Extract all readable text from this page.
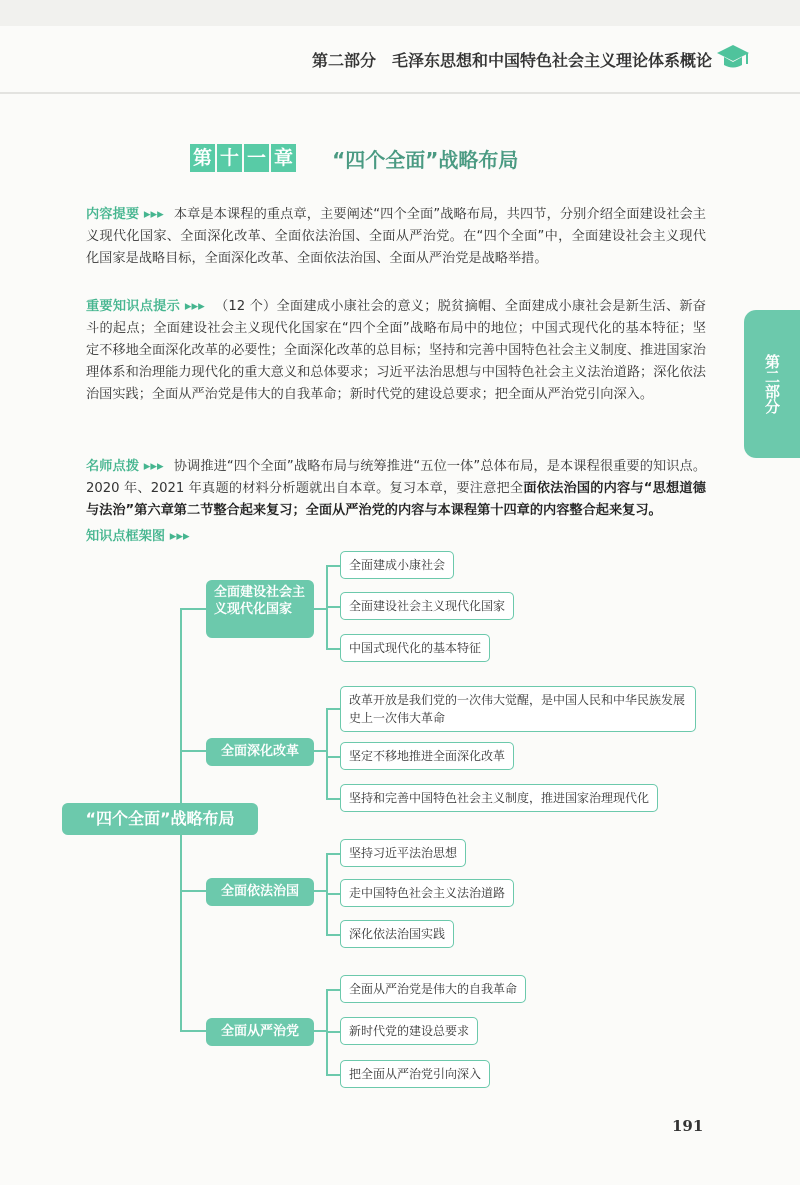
第二部分　毛泽东思想和中国特色社会主义理论体系概论
第 十 一 章 “四个全面”战略布局
内容提要 ▸▸▸ 本章是本课程的重点章，主要阐述“四个全面”战略布局，共四节，分别介绍全面建设社会主义现代化国家、全面深化改革、全面依法治国、全面从严治党。在“四个全面”中，全面建设社会主义现代化国家是战略目标，全面深化改革、全面依法治国、全面从严治党是战略举措。
重要知识点提示 ▸▸▸ （12 个）全面建成小康社会的意义；脱贫摘帽、全面建成小康社会是新生活、新奋斗的起点；全面建设社会主义现代化国家在“四个全面”战略布局中的地位；中国式现代化的基本特征；坚定不移地全面深化改革的必要性；全面深化改革的总目标；坚持和完善中国特色社会主义制度、推进国家治理体系和治理能力现代化的重大意义和总体要求；习近平法治思想与中国特色社会主义法治道路；深化依法治国实践；全面从严治党是伟大的自我革命；新时代党的建设总要求；把全面从严治党引向深入。
名师点拨 ▸▸▸ 协调推进“四个全面”战略布局与统筹推进“五位一体”总体布局，是本课程很重要的知识点。2020 年、2021 年真题的材料分析题就出自本章。复习本章，要注意把全面依法治国的内容与“思想道德与法治”第六章第二节整合起来复习；全面从严治党的内容与本课程第十四章的内容整合起来复习。
知识点框架图 ▸▸▸
第二部分
“四个全面”战略布局
全面建设社会主义现代化国家
全面建成小康社会
全面建设社会主义现代化国家
中国式现代化的基本特征
全面深化改革
改革开放是我们党的一次伟大觉醒，是中国人民和中华民族发展史上一次伟大革命
坚定不移地推进全面深化改革
坚持和完善中国特色社会主义制度，推进国家治理现代化
全面依法治国
坚持习近平法治思想
走中国特色社会主义法治道路
深化依法治国实践
全面从严治党
全面从严治党是伟大的自我革命
新时代党的建设总要求
把全面从严治党引向深入
191
